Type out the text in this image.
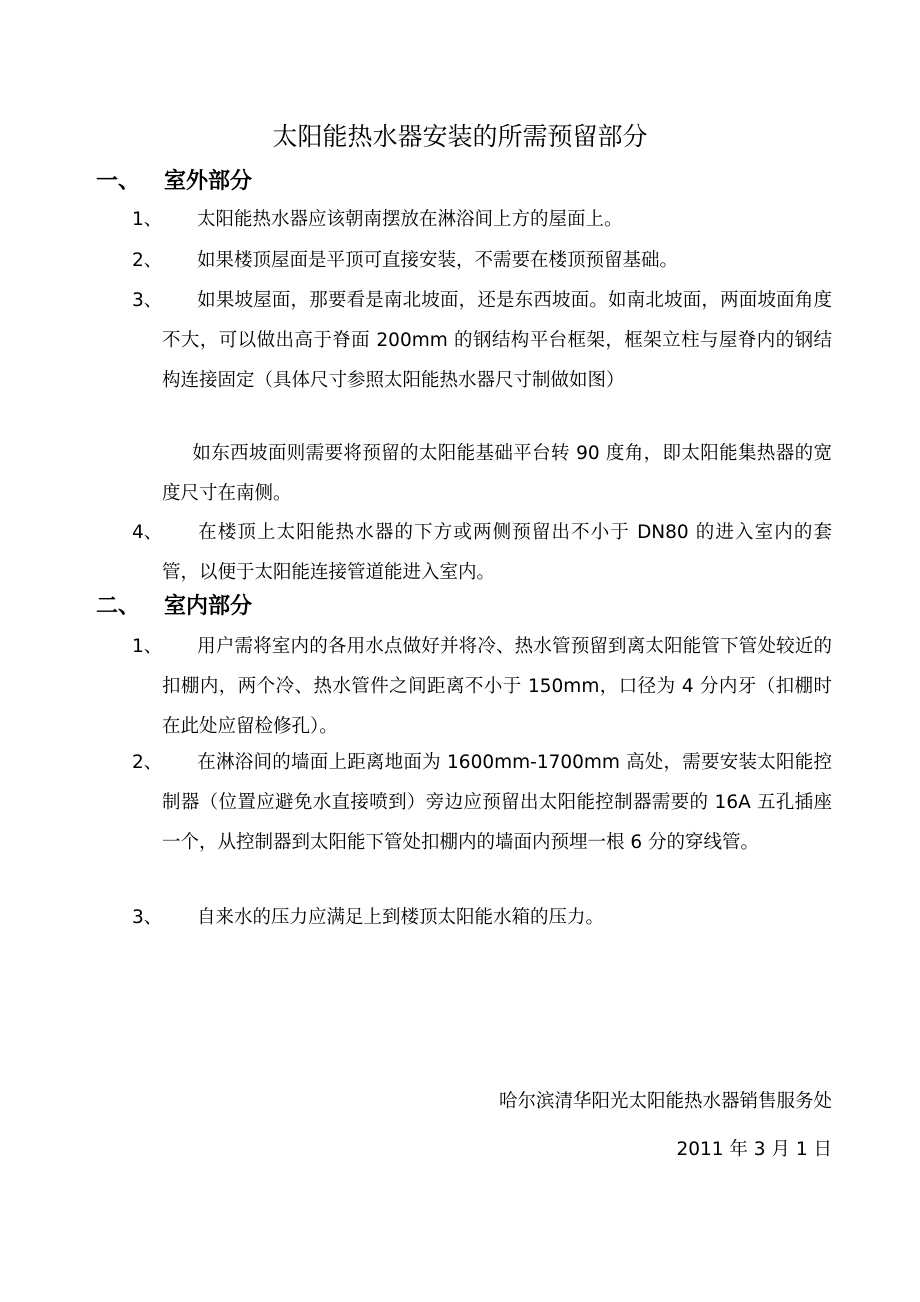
太阳能热水器安装的所需预留部分
一、 室外部分
1、	太阳能热水器应该朝南摆放在淋浴间上方的屋面上。
2、	如果楼顶屋面是平顶可直接安装，不需要在楼顶预留基础。
3、	如果坡屋面，那要看是南北坡面，还是东西坡面。如南北坡面，两面坡面角度不大，可以做出高于脊面 200mm 的钢结构平台框架，框架立柱与屋脊内的钢结构连接固定（具体尺寸参照太阳能热水器尺寸制做如图）
如东西坡面则需要将预留的太阳能基础平台转 90 度角，即太阳能集热器的宽度尺寸在南侧。
4、	在楼顶上太阳能热水器的下方或两侧预留出不小于 DN80 的进入室内的套管，以便于太阳能连接管道能进入室内。
二、 室内部分
1、	用户需将室内的各用水点做好并将冷、热水管预留到离太阳能管下管处较近的扣棚内，两个冷、热水管件之间距离不小于 150mm，口径为 4 分内牙（扣棚时在此处应留检修孔）。
2、	在淋浴间的墙面上距离地面为 1600mm-1700mm 高处，需要安装太阳能控制器（位置应避免水直接喷到）旁边应预留出太阳能控制器需要的 16A 五孔插座一个，从控制器到太阳能下管处扣棚内的墙面内预埋一根 6 分的穿线管。
3、	自来水的压力应满足上到楼顶太阳能水箱的压力。
哈尔滨清华阳光太阳能热水器销售服务处
2011 年 3 月 1 日
